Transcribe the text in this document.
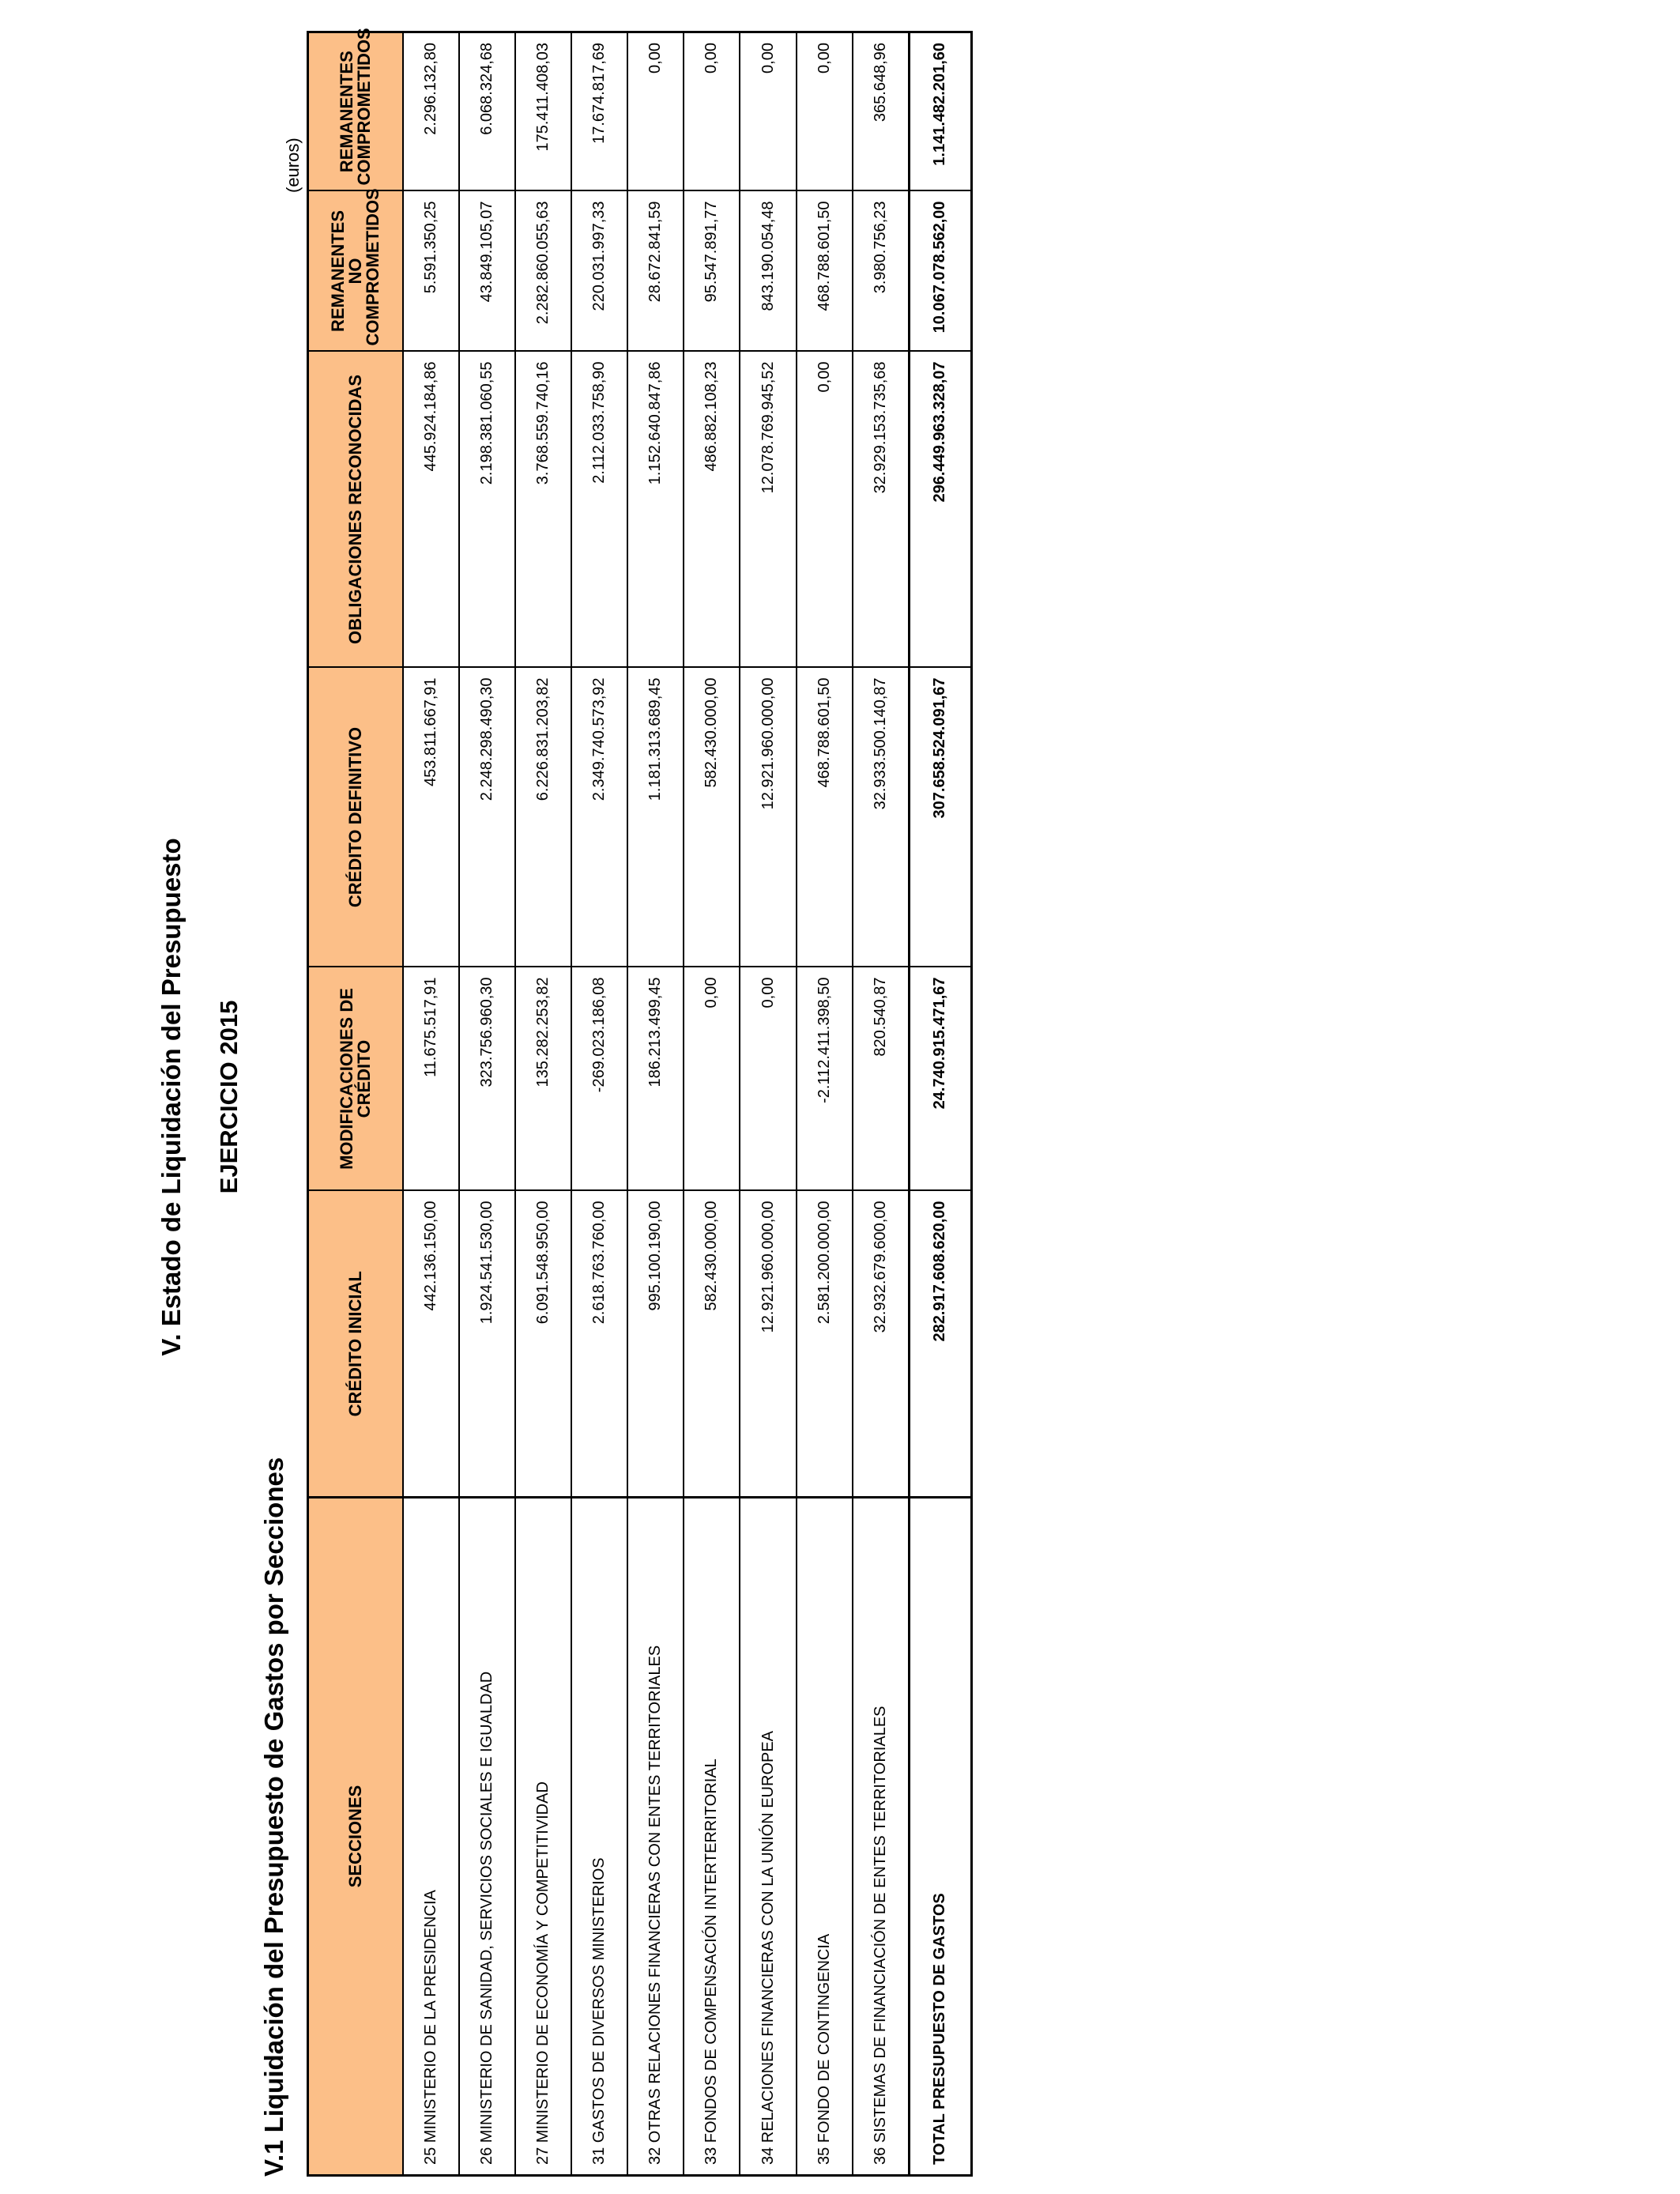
V. Estado de Liquidación del Presupuesto EJERCICIO 2015
V.1 Liquidación del Presupuesto de Gastos por Secciones
(euros)
SECCIONES	CRÉDITO INICIAL	MODIFICACIONES DE CRÉDITO	CRÉDITO DEFINITIVO	OBLIGACIONES RECONOCIDAS	REMANENTES NO COMPROMETIDOS	REMANENTES COMPROMETIDOS
25 MINISTERIO DE LA PRESIDENCIA	442.136.150,00	11.675.517,91	453.811.667,91	445.924.184,86	5.591.350,25	2.296.132,80
26 MINISTERIO DE SANIDAD, SERVICIOS SOCIALES E IGUALDAD	1.924.541.530,00	323.756.960,30	2.248.298.490,30	2.198.381.060,55	43.849.105,07	6.068.324,68
27 MINISTERIO DE ECONOMÍA Y COMPETITIVIDAD	6.091.548.950,00	135.282.253,82	6.226.831.203,82	3.768.559.740,16	2.282.860.055,63	175.411.408,03
31 GASTOS DE DIVERSOS MINISTERIOS	2.618.763.760,00	-269.023.186,08	2.349.740.573,92	2.112.033.758,90	220.031.997,33	17.674.817,69
32 OTRAS RELACIONES FINANCIERAS CON ENTES TERRITORIALES	995.100.190,00	186.213.499,45	1.181.313.689,45	1.152.640.847,86	28.672.841,59	0,00
33 FONDOS DE COMPENSACIÓN INTERTERRITORIAL	582.430.000,00	0,00	582.430.000,00	486.882.108,23	95.547.891,77	0,00
34 RELACIONES FINANCIERAS CON LA UNIÓN EUROPEA	12.921.960.000,00	0,00	12.921.960.000,00	12.078.769.945,52	843.190.054,48	0,00
35 FONDO DE CONTINGENCIA	2.581.200.000,00	-2.112.411.398,50	468.788.601,50	0,00	468.788.601,50	0,00
36 SISTEMAS DE FINANCIACIÓN DE ENTES TERRITORIALES	32.932.679.600,00	820.540,87	32.933.500.140,87	32.929.153.735,68	3.980.756,23	365.648,96
TOTAL PRESUPUESTO DE GASTOS	282.917.608.620,00	24.740.915.471,67	307.658.524.091,67	296.449.963.328,07	10.067.078.562,00	1.141.482.201,60
